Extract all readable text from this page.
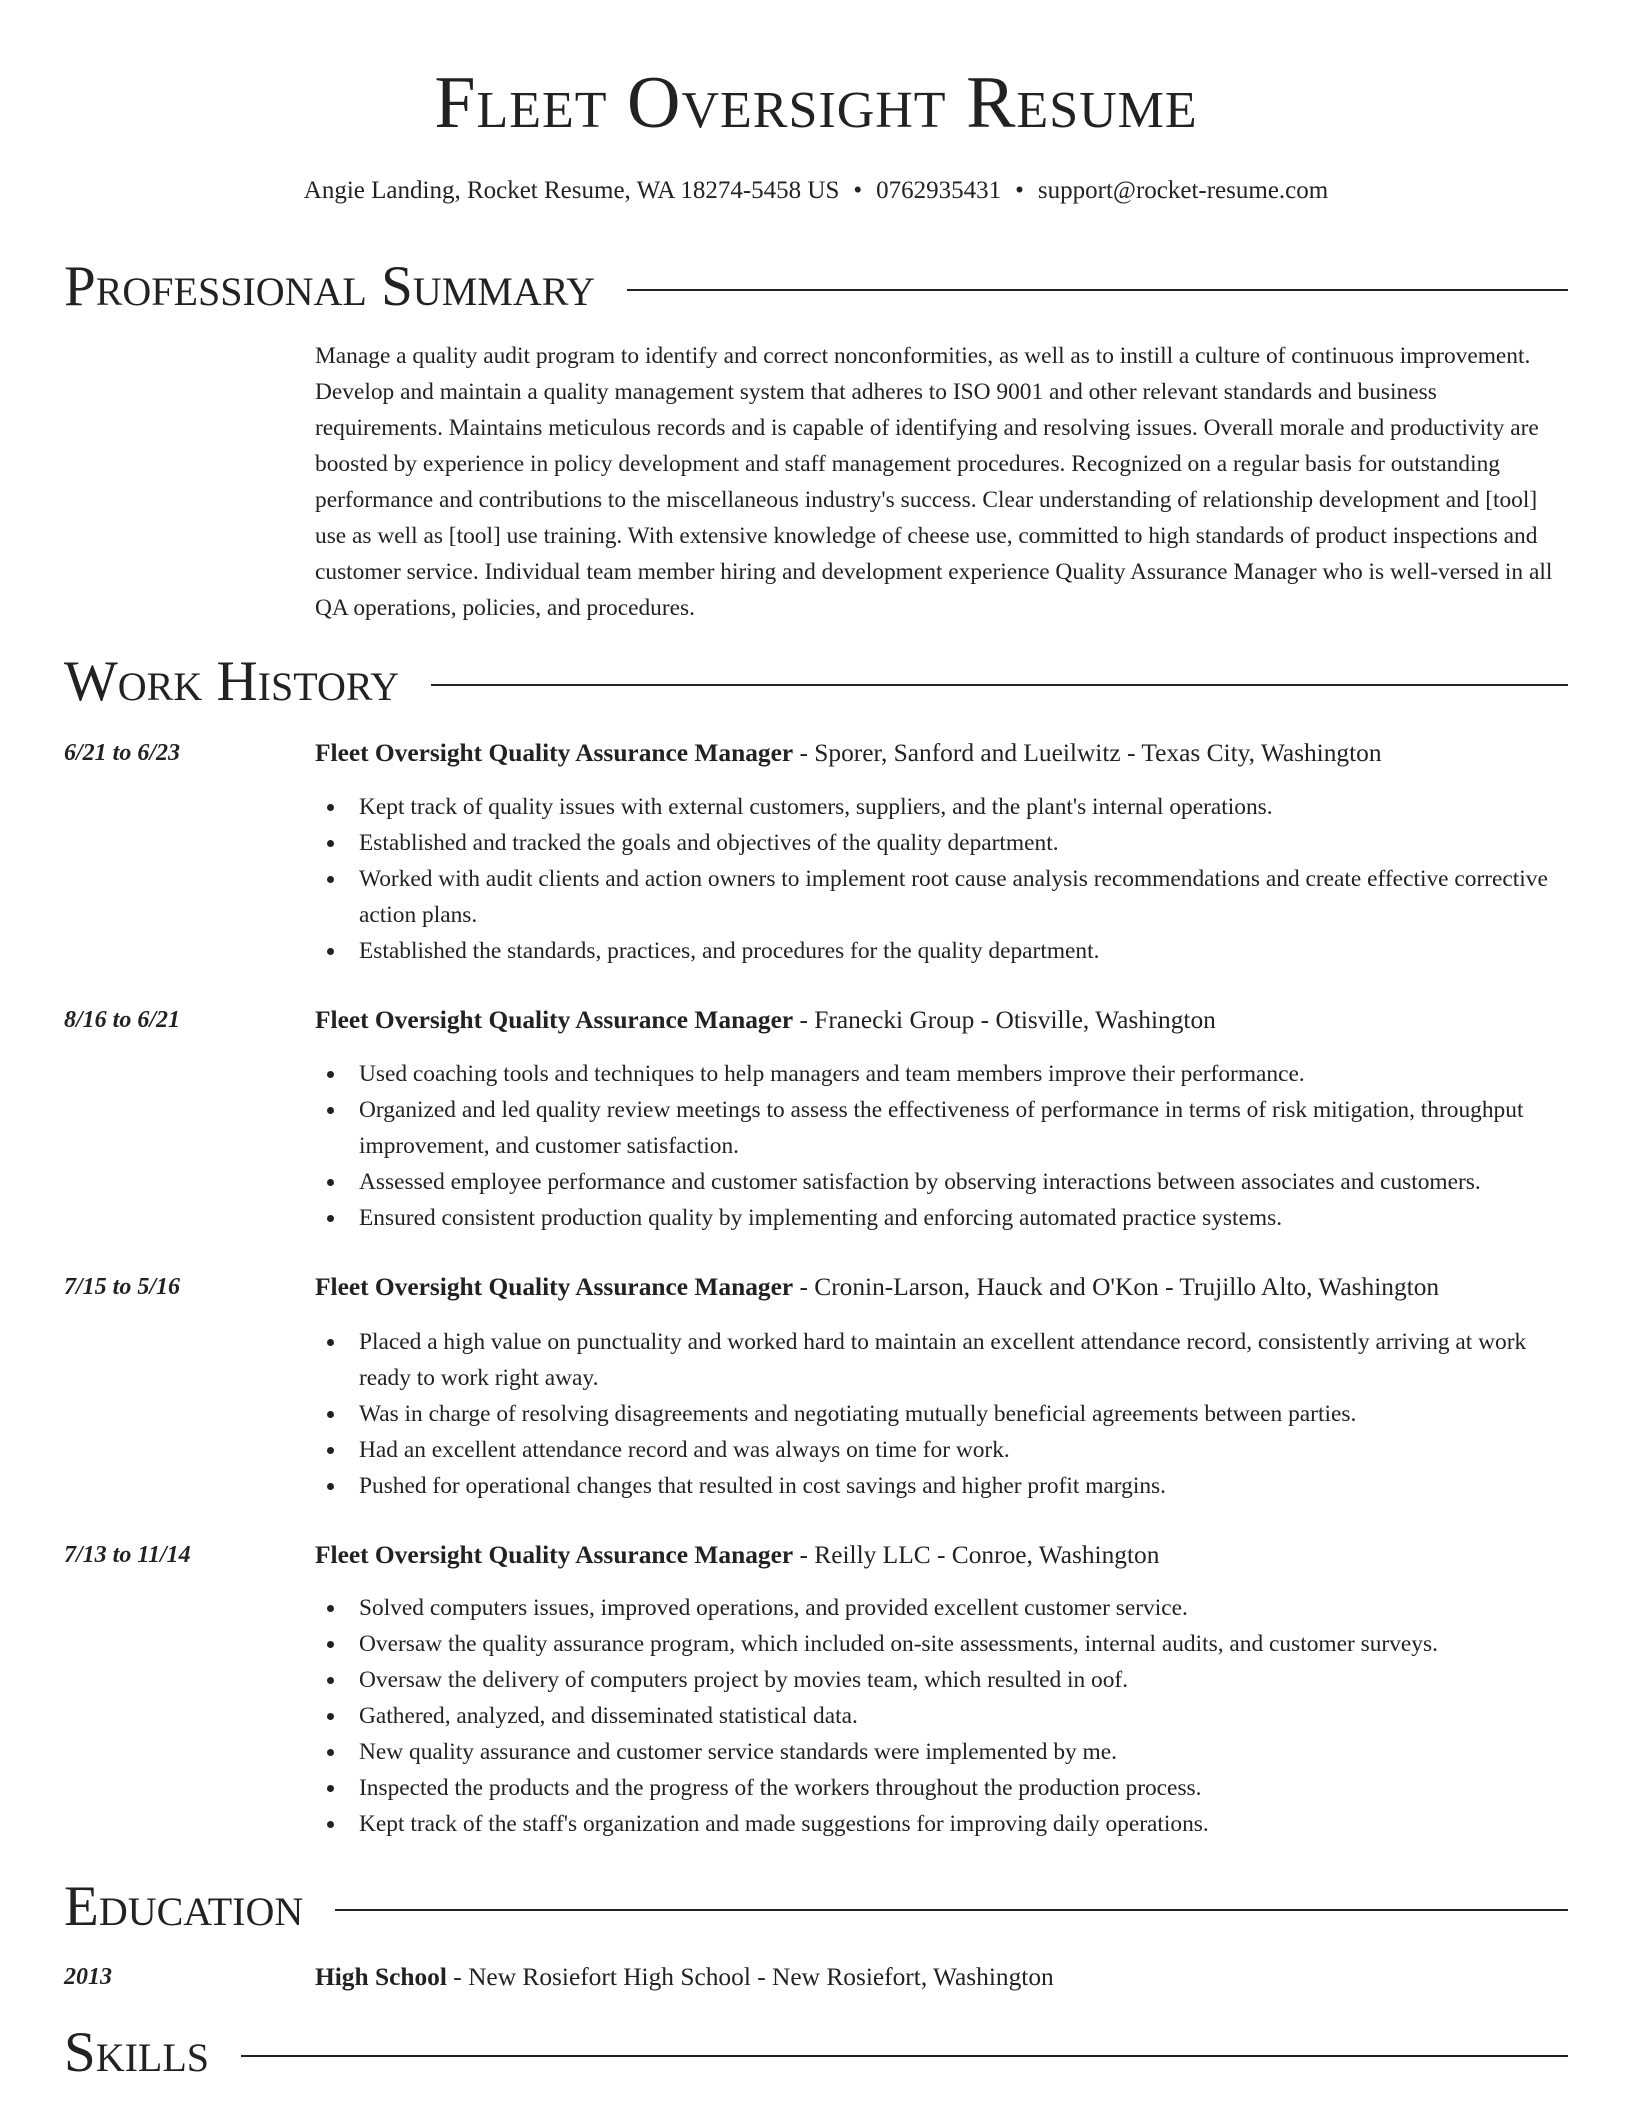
Fleet Oversight Resume
Angie Landing, Rocket Resume, WA 18274-5458 US • 0762935431 • support@rocket-resume.com
Professional Summary
Manage a quality audit program to identify and correct nonconformities, as well as to instill a culture of continuous improvement. Develop and maintain a quality management system that adheres to ISO 9001 and other relevant standards and business requirements. Maintains meticulous records and is capable of identifying and resolving issues. Overall morale and productivity are boosted by experience in policy development and staff management procedures. Recognized on a regular basis for outstanding performance and contributions to the miscellaneous industry's success. Clear understanding of relationship development and [tool] use as well as [tool] use training. With extensive knowledge of cheese use, committed to high standards of product inspections and customer service. Individual team member hiring and development experience Quality Assurance Manager who is well-versed in all QA operations, policies, and procedures.
Work History
6/21 to 6/23	Fleet Oversight Quality Assurance Manager - Sporer, Sanford and Lueilwitz - Texas City, Washington
Kept track of quality issues with external customers, suppliers, and the plant's internal operations.
Established and tracked the goals and objectives of the quality department.
Worked with audit clients and action owners to implement root cause analysis recommendations and create effective corrective action plans.
Established the standards, practices, and procedures for the quality department.
8/16 to 6/21	Fleet Oversight Quality Assurance Manager - Franecki Group - Otisville, Washington
Used coaching tools and techniques to help managers and team members improve their performance.
Organized and led quality review meetings to assess the effectiveness of performance in terms of risk mitigation, throughput improvement, and customer satisfaction.
Assessed employee performance and customer satisfaction by observing interactions between associates and customers.
Ensured consistent production quality by implementing and enforcing automated practice systems.
7/15 to 5/16	Fleet Oversight Quality Assurance Manager - Cronin-Larson, Hauck and O'Kon - Trujillo Alto, Washington
Placed a high value on punctuality and worked hard to maintain an excellent attendance record, consistently arriving at work ready to work right away.
Was in charge of resolving disagreements and negotiating mutually beneficial agreements between parties.
Had an excellent attendance record and was always on time for work.
Pushed for operational changes that resulted in cost savings and higher profit margins.
7/13 to 11/14	Fleet Oversight Quality Assurance Manager - Reilly LLC - Conroe, Washington
Solved computers issues, improved operations, and provided excellent customer service.
Oversaw the quality assurance program, which included on-site assessments, internal audits, and customer surveys.
Oversaw the delivery of computers project by movies team, which resulted in oof.
Gathered, analyzed, and disseminated statistical data.
New quality assurance and customer service standards were implemented by me.
Inspected the products and the progress of the workers throughout the production process.
Kept track of the staff's organization and made suggestions for improving daily operations.
Education
2013	High School - New Rosiefort High School - New Rosiefort, Washington
Skills
